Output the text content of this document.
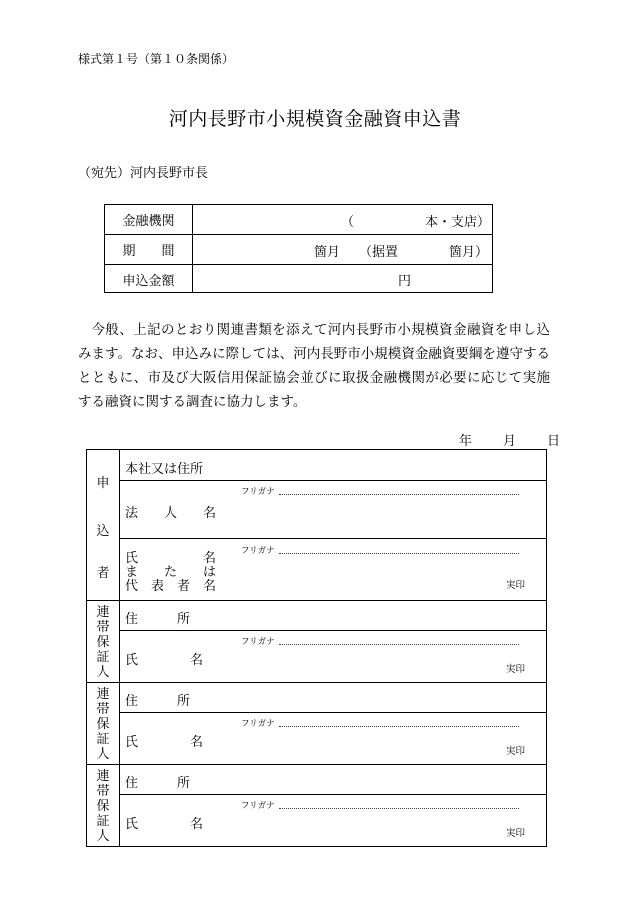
様式第１号（第１０条関係）
河内長野市小規模資金融資申込書
（宛先）河内長野市長
金融機関	（	本・支店）
期　　間	箇月 （据置	箇月）
申込金額	円

今般、上記のとおり関連書類を添えて河内長野市小規模資金融資を申し込みます。なお、申込みに際しては、河内長野市小規模資金融資要綱を遵守するとともに、市及び大阪信用保証協会並びに取扱金融機関が必要に応じて実施する融資に関する調査に協力します。

年 月 日
申
込
者
本社又は住所
フリガナ
法　　人　　名
フリガナ
氏　　　　　名
ま　　た　　は
代　表　者　名	実印
連帯保証人
住　　　所
フリガナ
氏　　　　名
実印
連帯保証人
住　　　所
フリガナ
氏　　　　名
実印
連帯保証人
住　　　所
フリガナ
氏　　　　名
実印
